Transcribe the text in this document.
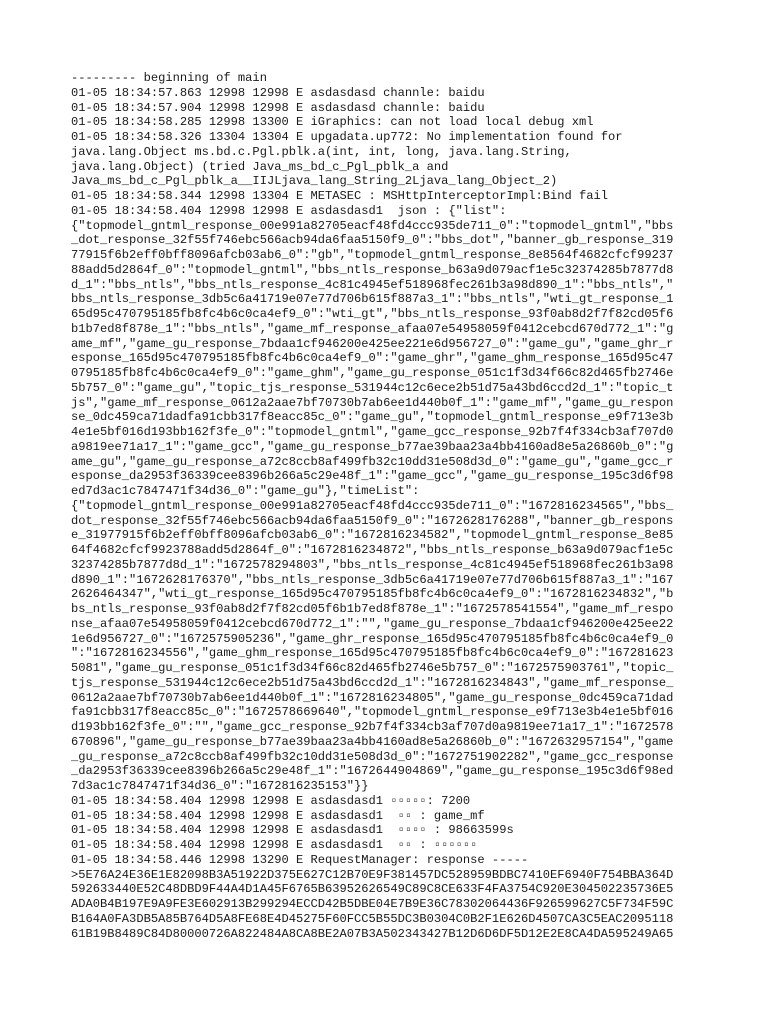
--------- beginning of main
01-05 18:34:57.863 12998 12998 E asdasdasd channle: baidu
01-05 18:34:57.904 12998 12998 E asdasdasd channle: baidu
01-05 18:34:58.285 12998 13300 E iGraphics: can not load local debug xml
01-05 18:34:58.326 13304 13304 E upgadata.up772: No implementation found for
java.lang.Object ms.bd.c.Pgl.pblk.a(int, int, long, java.lang.String,
java.lang.Object) (tried Java_ms_bd_c_Pgl_pblk_a and
Java_ms_bd_c_Pgl_pblk_a__IIJLjava_lang_String_2Ljava_lang_Object_2)
01-05 18:34:58.344 12998 13304 E METASEC : MSHttpInterceptorImpl:Bind fail
01-05 18:34:58.404 12998 12998 E asdasdasd1  json : {"list":
{"topmodel_gntml_response_00e991a82705eacf48fd4ccc935de711_0":"topmodel_gntml","bbs
_dot_response_32f55f746ebc566acb94da6faa5150f9_0":"bbs_dot","banner_gb_response_319
77915f6b2eff0bff8096afcb03ab6_0":"gb","topmodel_gntml_response_8e8564f4682cfcf99237
88add5d2864f_0":"topmodel_gntml","bbs_ntls_response_b63a9d079acf1e5c32374285b7877d8
d_1":"bbs_ntls","bbs_ntls_response_4c81c4945ef518968fec261b3a98d890_1":"bbs_ntls","
bbs_ntls_response_3db5c6a41719e07e77d706b615f887a3_1":"bbs_ntls","wti_gt_response_1
65d95c470795185fb8fc4b6c0ca4ef9_0":"wti_gt","bbs_ntls_response_93f0ab8d2f7f82cd05f6
b1b7ed8f878e_1":"bbs_ntls","game_mf_response_afaa07e54958059f0412cebcd670d772_1":"g
ame_mf","game_gu_response_7bdaa1cf946200e425ee221e6d956727_0":"game_gu","game_ghr_r
esponse_165d95c470795185fb8fc4b6c0ca4ef9_0":"game_ghr","game_ghm_response_165d95c47
0795185fb8fc4b6c0ca4ef9_0":"game_ghm","game_gu_response_051c1f3d34f66c82d465fb2746e
5b757_0":"game_gu","topic_tjs_response_531944c12c6ece2b51d75a43bd6ccd2d_1":"topic_t
js","game_mf_response_0612a2aae7bf70730b7ab6ee1d440b0f_1":"game_mf","game_gu_respon
se_0dc459ca71dadfa91cbb317f8eacc85c_0":"game_gu","topmodel_gntml_response_e9f713e3b
4e1e5bf016d193bb162f3fe_0":"topmodel_gntml","game_gcc_response_92b7f4f334cb3af707d0
a9819ee71a17_1":"game_gcc","game_gu_response_b77ae39baa23a4bb4160ad8e5a26860b_0":"g
ame_gu","game_gu_response_a72c8ccb8af499fb32c10dd31e508d3d_0":"game_gu","game_gcc_r
esponse_da2953f36339cee8396b266a5c29e48f_1":"game_gcc","game_gu_response_195c3d6f98
ed7d3ac1c7847471f34d36_0":"game_gu"},"timeList":
{"topmodel_gntml_response_00e991a82705eacf48fd4ccc935de711_0":"1672816234565","bbs_
dot_response_32f55f746ebc566acb94da6faa5150f9_0":"1672628176288","banner_gb_respons
e_31977915f6b2eff0bff8096afcb03ab6_0":"1672816234582","topmodel_gntml_response_8e85
64f4682cfcf9923788add5d2864f_0":"1672816234872","bbs_ntls_response_b63a9d079acf1e5c
32374285b7877d8d_1":"1672578294803","bbs_ntls_response_4c81c4945ef518968fec261b3a98
d890_1":"1672628176370","bbs_ntls_response_3db5c6a41719e07e77d706b615f887a3_1":"167
2626464347","wti_gt_response_165d95c470795185fb8fc4b6c0ca4ef9_0":"1672816234832","b
bs_ntls_response_93f0ab8d2f7f82cd05f6b1b7ed8f878e_1":"1672578541554","game_mf_respo
nse_afaa07e54958059f0412cebcd670d772_1":"","game_gu_response_7bdaa1cf946200e425ee22
1e6d956727_0":"1672575905236","game_ghr_response_165d95c470795185fb8fc4b6c0ca4ef9_0
":"1672816234556","game_ghm_response_165d95c470795185fb8fc4b6c0ca4ef9_0":"167281623
5081","game_gu_response_051c1f3d34f66c82d465fb2746e5b757_0":"1672575903761","topic_
tjs_response_531944c12c6ece2b51d75a43bd6ccd2d_1":"1672816234843","game_mf_response_
0612a2aae7bf70730b7ab6ee1d440b0f_1":"1672816234805","game_gu_response_0dc459ca71dad
fa91cbb317f8eacc85c_0":"1672578669640","topmodel_gntml_response_e9f713e3b4e1e5bf016
d193bb162f3fe_0":"","game_gcc_response_92b7f4f334cb3af707d0a9819ee71a17_1":"1672578
670896","game_gu_response_b77ae39baa23a4bb4160ad8e5a26860b_0":"1672632957154","game
_gu_response_a72c8ccb8af499fb32c10dd31e508d3d_0":"1672751902282","game_gcc_response
_da2953f36339cee8396b266a5c29e48f_1":"1672644904869","game_gu_response_195c3d6f98ed
7d3ac1c7847471f34d36_0":"1672816235153"}}
01-05 18:34:58.404 12998 12998 E asdasdasd1 ▫▫▫▫▫: 7200
01-05 18:34:58.404 12998 12998 E asdasdasd1  ▫▫ : game_mf
01-05 18:34:58.404 12998 12998 E asdasdasd1  ▫▫▫▫ : 98663599s
01-05 18:34:58.404 12998 12998 E asdasdasd1  ▫▫ : ▫▫▫▫▫▫
01-05 18:34:58.446 12998 13290 E RequestManager: response -----
>5E76A24E36E1E82098B3A51922D375E627C12B70E9F381457DC528959BDBC7410EF6940F754BBA364D
592633440E52C48DBD9F44A4D1A45F6765B63952626549C89C8CE633F4FA3754C920E304502235736E5
ADA0B4B197E9A9FE3E602913B299294ECCD42B5DBE04E7B9E36C78302064436F926599627C5F734F59C
B164A0FA3DB5A85B764D5A8FE68E4D45275F60FCC5B55DC3B0304C0B2F1E626D4507CA3C5EAC2095118
61B19B8489C84D80000726A822484A8CA8BE2A07B3A502343427B12D6D6DF5D12E2E8CA4DA595249A65
